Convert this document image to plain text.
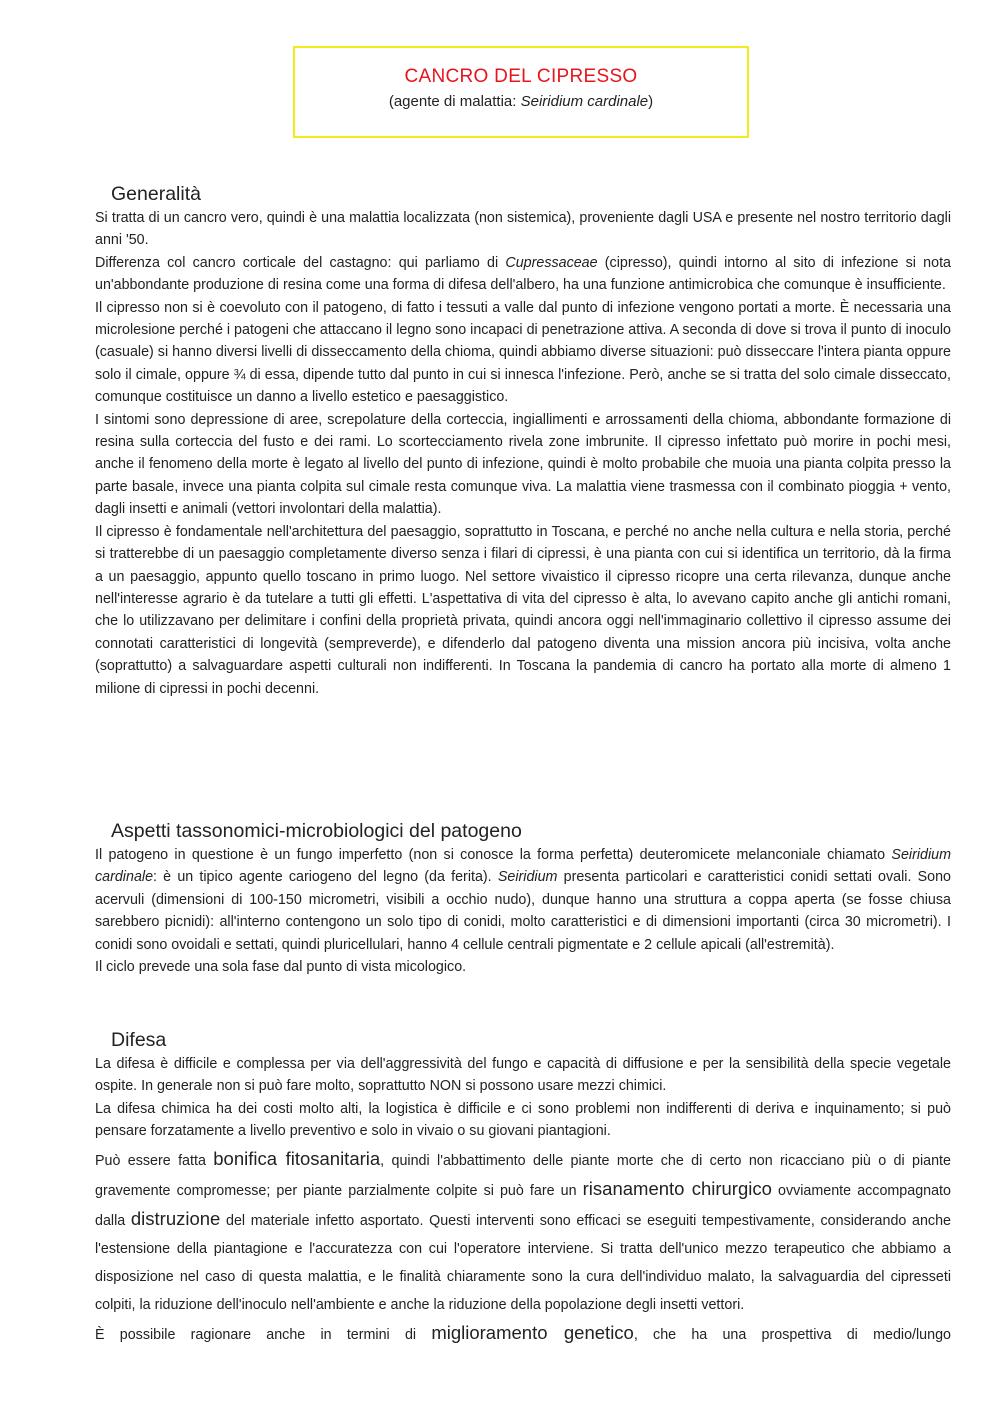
CANCRO DEL CIPRESSO
(agente di malattia: Seiridium cardinale)
Generalità

Si tratta di un cancro vero, quindi è una malattia localizzata (non sistemica), proveniente dagli USA e presente nel nostro territorio dagli anni '50.

Differenza col cancro corticale del castagno: qui parliamo di Cupressaceae (cipresso), quindi intorno al sito di infezione si nota un'abbondante produzione di resina come una forma di difesa dell'albero, ha una funzione antimicrobica che comunque è insufficiente.

Il cipresso non si è coevoluto con il patogeno, di fatto i tessuti a valle dal punto di infezione vengono portati a morte. È necessaria una microlesione perché i patogeni che attaccano il legno sono incapaci di penetrazione attiva. A seconda di dove si trova il punto di inoculo (casuale) si hanno diversi livelli di disseccamento della chioma, quindi abbiamo diverse situazioni: può disseccare l'intera pianta oppure solo il cimale, oppure ¾ di essa, dipende tutto dal punto in cui si innesca l'infezione. Però, anche se si tratta del solo cimale disseccato, comunque costituisce un danno a livello estetico e paesaggistico.

I sintomi sono depressione di aree, screpolature della corteccia, ingiallimenti e arrossamenti della chioma, abbondante formazione di resina sulla corteccia del fusto e dei rami. Lo scortecciamento rivela zone imbrunite. Il cipresso infettato può morire in pochi mesi, anche il fenomeno della morte è legato al livello del punto di infezione, quindi è molto probabile che muoia una pianta colpita presso la parte basale, invece una pianta colpita sul cimale resta comunque viva. La malattia viene trasmessa con il combinato pioggia + vento, dagli insetti e animali (vettori involontari della malattia).

Il cipresso è fondamentale nell'architettura del paesaggio, soprattutto in Toscana, e perché no anche nella cultura e nella storia, perché si tratterebbe di un paesaggio completamente diverso senza i filari di cipressi, è una pianta con cui si identifica un territorio, dà la firma a un paesaggio, appunto quello toscano in primo luogo. Nel settore vivaistico il cipresso ricopre una certa rilevanza, dunque anche nell'interesse agrario è da tutelare a tutti gli effetti. L'aspettativa di vita del cipresso è alta, lo avevano capito anche gli antichi romani, che lo utilizzavano per delimitare i confini della proprietà privata, quindi ancora oggi nell'immaginario collettivo il cipresso assume dei connotati caratteristici di longevità (sempreverde), e difenderlo dal patogeno diventa una mission ancora più incisiva, volta anche (soprattutto) a salvaguardare aspetti culturali non indifferenti. In Toscana la pandemia di cancro ha portato alla morte di almeno 1 milione di cipressi in pochi decenni.

Aspetti tassonomici-microbiologici del patogeno

Il patogeno in questione è un fungo imperfetto (non si conosce la forma perfetta) deuteromicete melanconiale chiamato Seiridium cardinale: è un tipico agente cariogeno del legno (da ferita). Seiridium presenta particolari e caratteristici conidi settati ovali. Sono acervuli (dimensioni di 100-150 micrometri, visibili a occhio nudo), dunque hanno una struttura a coppa aperta (se fosse chiusa sarebbero picnidi): all'interno contengono un solo tipo di conidi, molto caratteristici e di dimensioni importanti (circa 30 micrometri). I conidi sono ovoidali e settati, quindi pluricellulari, hanno 4 cellule centrali pigmentate e 2 cellule apicali (all'estremità).

Il ciclo prevede una sola fase dal punto di vista micologico.

Difesa

La difesa è difficile e complessa per via dell'aggressività del fungo e capacità di diffusione e per la sensibilità della specie vegetale ospite. In generale non si può fare molto, soprattutto NON si possono usare mezzi chimici.

La difesa chimica ha dei costi molto alti, la logistica è difficile e ci sono problemi non indifferenti di deriva e inquinamento; si può pensare forzatamente a livello preventivo e solo in vivaio o su giovani piantagioni.

Può essere fatta bonifica fitosanitaria, quindi l'abbattimento delle piante morte che di certo non ricacciano più o di piante gravemente compromesse; per piante parzialmente colpite si può fare un risanamento chirurgico ovviamente accompagnato dalla distruzione del materiale infetto asportato. Questi interventi sono efficaci se eseguiti tempestivamente, considerando anche l'estensione della piantagione e l'accuratezza con cui l'operatore interviene. Si tratta dell'unico mezzo terapeutico che abbiamo a disposizione nel caso di questa malattia, e le finalità chiaramente sono la cura dell'individuo malato, la salvaguardia del cipresseti colpiti, la riduzione dell'inoculo nell'ambiente e anche la riduzione della popolazione degli insetti vettori.

È possibile ragionare anche in termini di miglioramento genetico, che ha una prospettiva di medio/lungo
